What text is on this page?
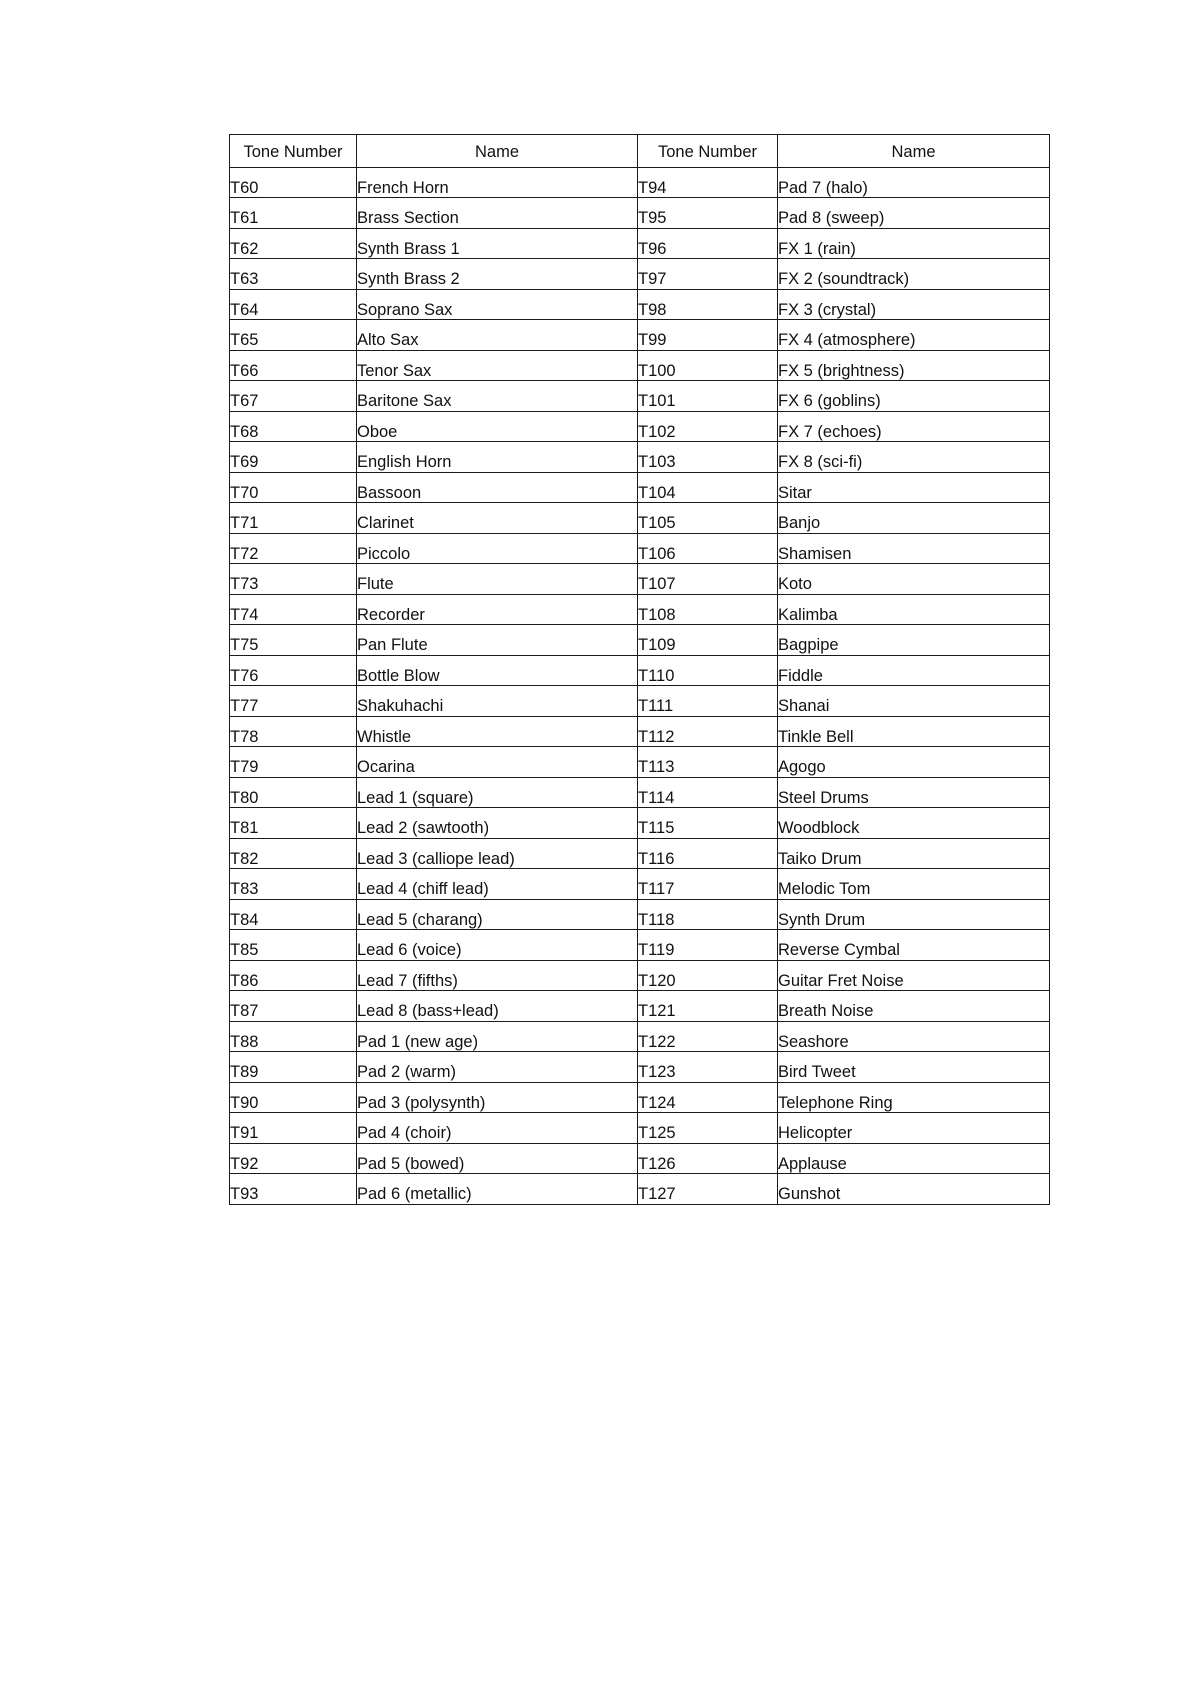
Tone Number	Name	Tone Number	Name
T60	French Horn	T94	Pad 7 (halo)
T61	Brass Section	T95	Pad 8 (sweep)
T62	Synth Brass 1	T96	FX 1 (rain)
T63	Synth Brass 2	T97	FX 2 (soundtrack)
T64	Soprano Sax	T98	FX 3 (crystal)
T65	Alto Sax	T99	FX 4 (atmosphere)
T66	Tenor Sax	T100	FX 5 (brightness)
T67	Baritone Sax	T101	FX 6 (goblins)
T68	Oboe	T102	FX 7 (echoes)
T69	English Horn	T103	FX 8 (sci-fi)
T70	Bassoon	T104	Sitar
T71	Clarinet	T105	Banjo
T72	Piccolo	T106	Shamisen
T73	Flute	T107	Koto
T74	Recorder	T108	Kalimba
T75	Pan Flute	T109	Bagpipe
T76	Bottle Blow	T110	Fiddle
T77	Shakuhachi	T111	Shanai
T78	Whistle	T112	Tinkle Bell
T79	Ocarina	T113	Agogo
T80	Lead 1 (square)	T114	Steel Drums
T81	Lead 2 (sawtooth)	T115	Woodblock
T82	Lead 3 (calliope lead)	T116	Taiko Drum
T83	Lead 4 (chiff lead)	T117	Melodic Tom
T84	Lead 5 (charang)	T118	Synth Drum
T85	Lead 6 (voice)	T119	Reverse Cymbal
T86	Lead 7 (fifths)	T120	Guitar Fret Noise
T87	Lead 8 (bass+lead)	T121	Breath Noise
T88	Pad 1 (new age)	T122	Seashore
T89	Pad 2 (warm)	T123	Bird Tweet
T90	Pad 3 (polysynth)	T124	Telephone Ring
T91	Pad 4 (choir)	T125	Helicopter
T92	Pad 5 (bowed)	T126	Applause
T93	Pad 6 (metallic)	T127	Gunshot
